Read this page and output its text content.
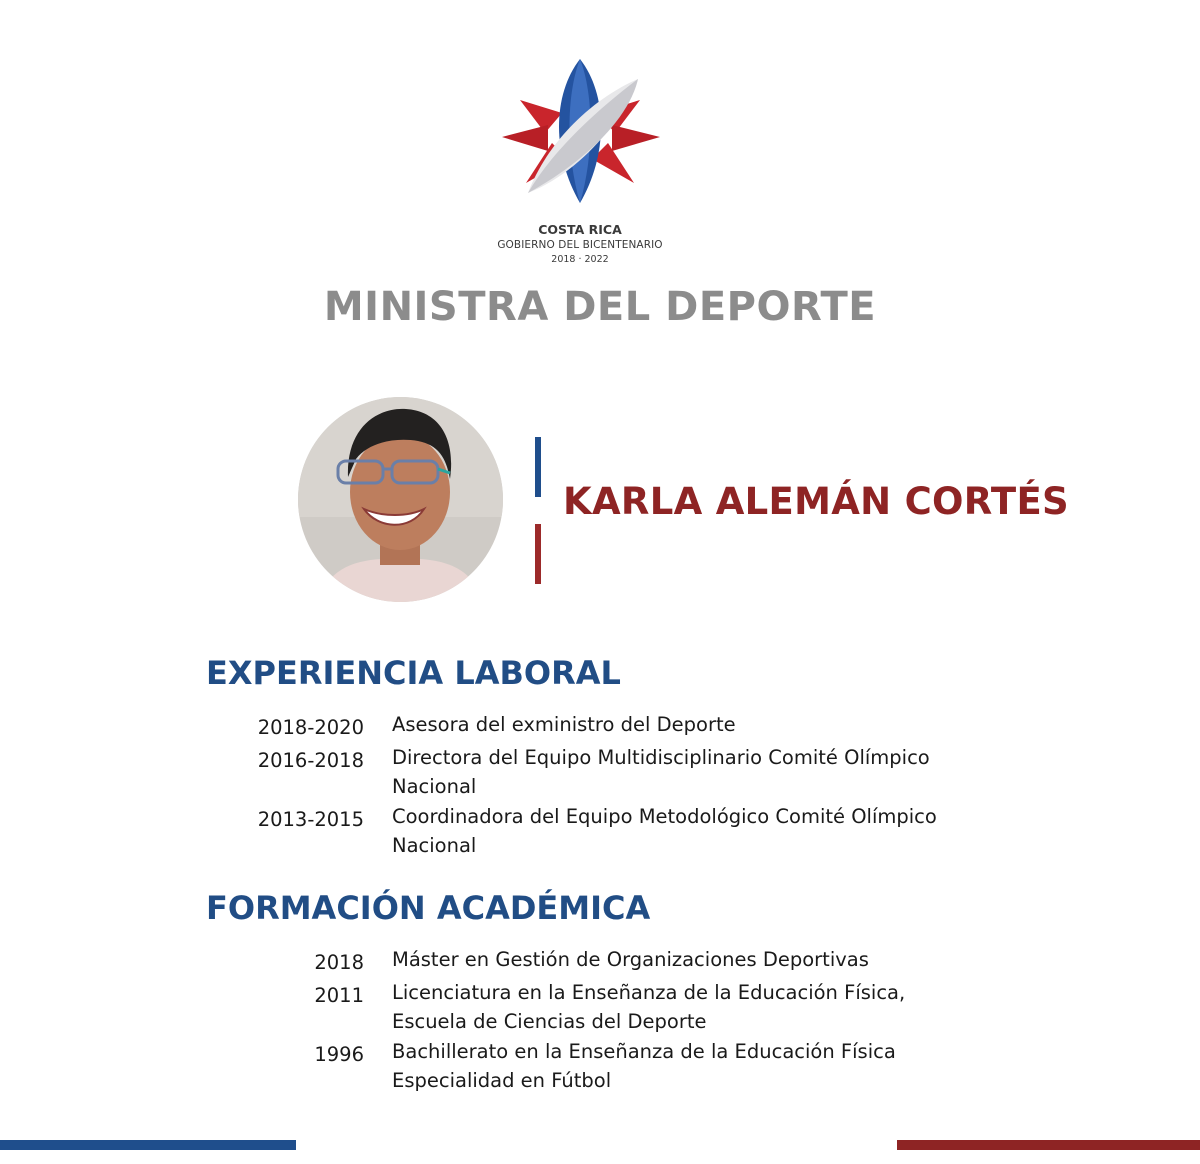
COSTA RICA
GOBIERNO DEL BICENTENARIO
2018 · 2022
MINISTRA DEL DEPORTE
KARLA ALEMÁN CORTÉS
EXPERIENCIA LABORAL
2018-2020 Asesora del exministro del Deporte
2016-2018 Directora del Equipo Multidisciplinario Comité Olímpico Nacional
2013-2015 Coordinadora del Equipo Metodológico Comité Olímpico Nacional
FORMACIÓN ACADÉMICA
2018 Máster en Gestión de Organizaciones Deportivas
2011 Licenciatura en la Enseñanza de la Educación Física, Escuela de Ciencias del Deporte
1996 Bachillerato en la Enseñanza de la Educación Física Especialidad en Fútbol
